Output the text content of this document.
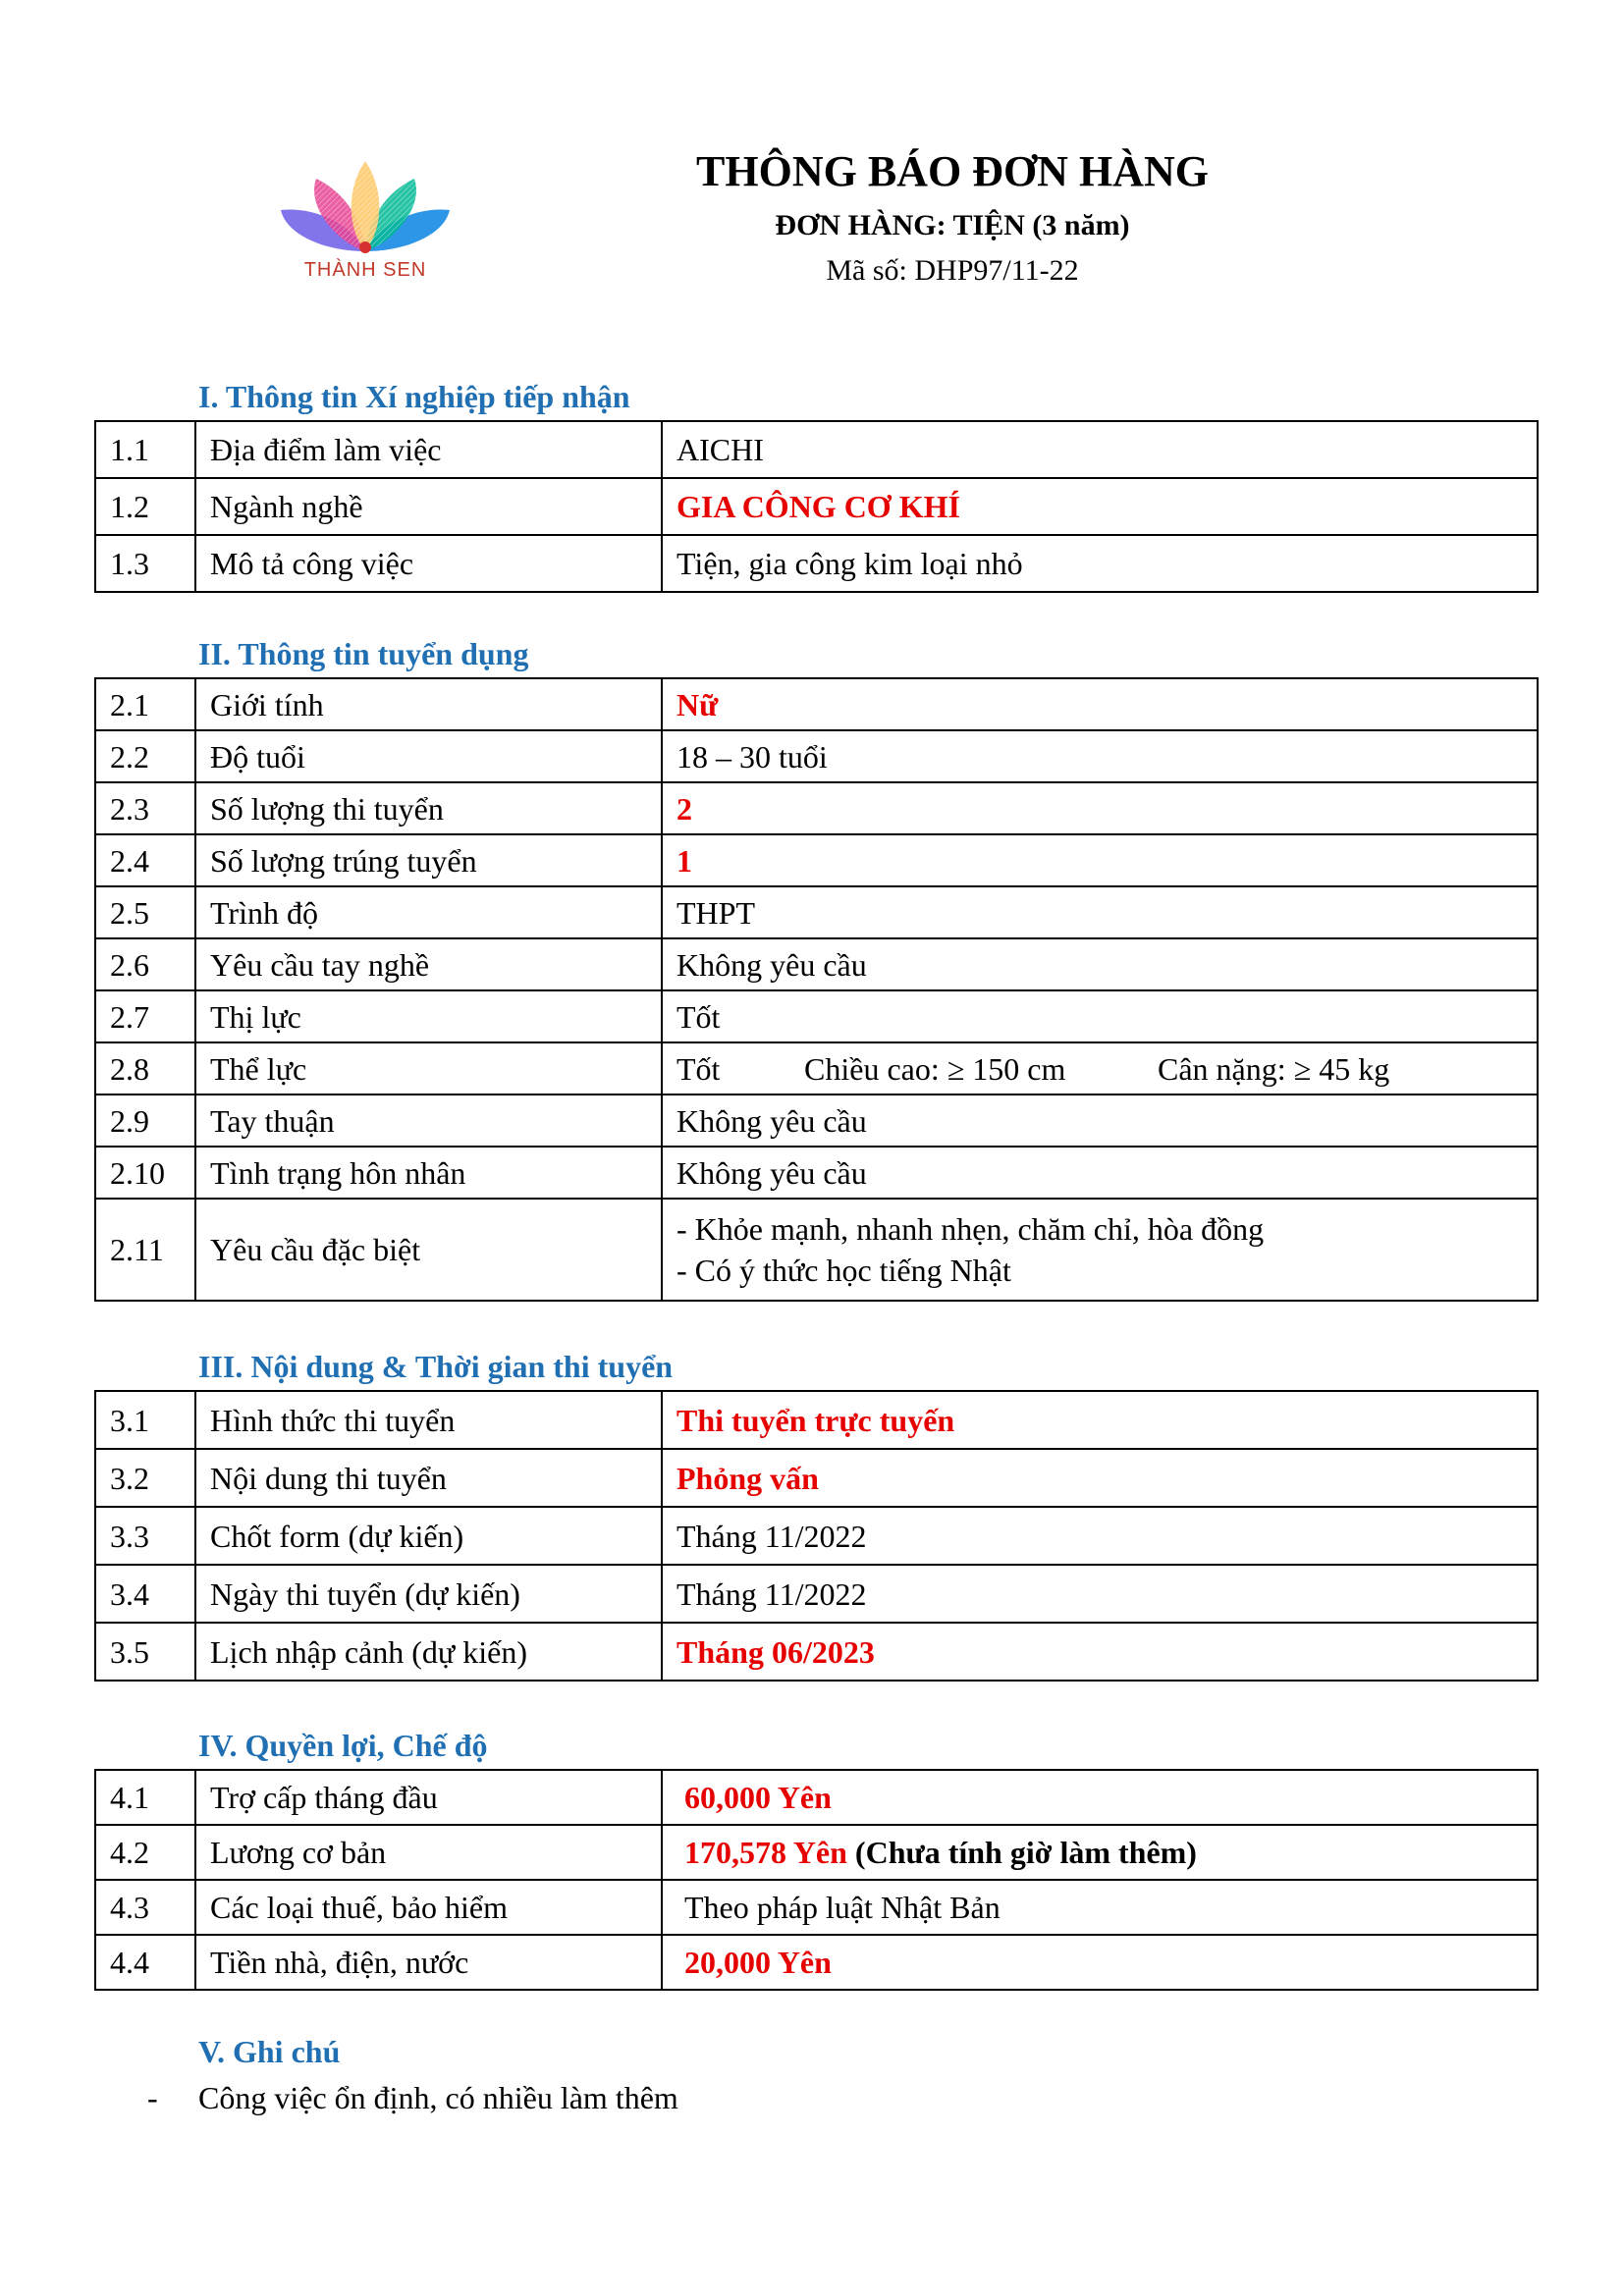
THÀNH SEN
THÔNG BÁO ĐƠN HÀNG
ĐƠN HÀNG: TIỆN (3 năm)
Mã số: DHP97/11-22
I. Thông tin Xí nghiệp tiếp nhận
1.1	Địa điểm làm việc	AICHI
1.2	Ngành nghề	GIA CÔNG CƠ KHÍ
1.3	Mô tả công việc	Tiện, gia công kim loại nhỏ
II. Thông tin tuyển dụng
2.1	Giới tính	Nữ
2.2	Độ tuổi	18 – 30 tuổi
2.3	Số lượng thi tuyển	2
2.4	Số lượng trúng tuyển	1
2.5	Trình độ	THPT
2.6	Yêu cầu tay nghề	Không yêu cầu
2.7	Thị lực	Tốt
2.8	Thể lực	Tốt Chiều cao: ≥ 150 cm Cân nặng: ≥ 45 kg
2.9	Tay thuận	Không yêu cầu
2.10	Tình trạng hôn nhân	Không yêu cầu
2.11	Yêu cầu đặc biệt	- Khỏe mạnh, nhanh nhẹn, chăm chỉ, hòa đồng
- Có ý thức học tiếng Nhật
III. Nội dung & Thời gian thi tuyển
3.1	Hình thức thi tuyển	Thi tuyển trực tuyến
3.2	Nội dung thi tuyển	Phỏng vấn
3.3	Chốt form (dự kiến)	Tháng 11/2022
3.4	Ngày thi tuyển (dự kiến)	Tháng 11/2022
3.5	Lịch nhập cảnh (dự kiến)	Tháng 06/2023
IV. Quyền lợi, Chế độ
4.1	Trợ cấp tháng đầu	60,000 Yên
4.2	Lương cơ bản	170,578 Yên (Chưa tính giờ làm thêm)
4.3	Các loại thuế, bảo hiểm	Theo pháp luật Nhật Bản
4.4	Tiền nhà, điện, nước	20,000 Yên
V. Ghi chú
- Công việc ổn định, có nhiều làm thêm
